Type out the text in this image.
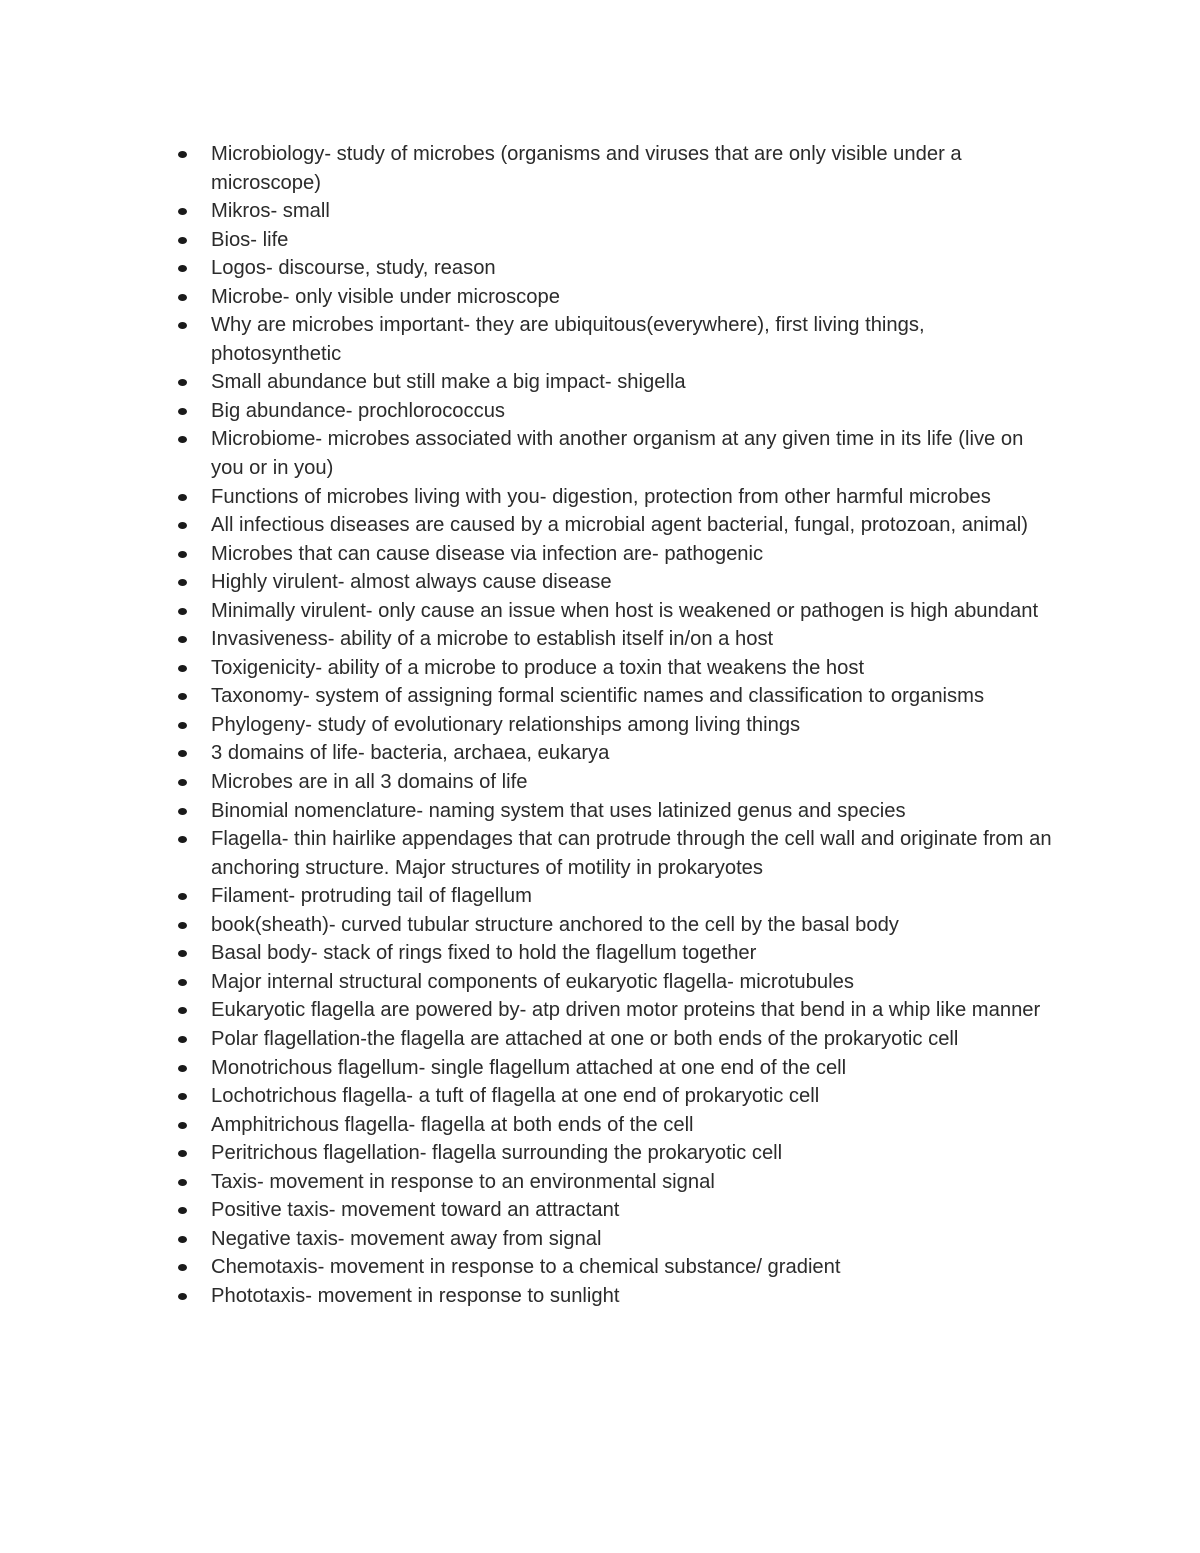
Microbiology- study of microbes (organisms and viruses that are only visible under a microscope)
Mikros- small
Bios- life
Logos- discourse, study, reason
Microbe- only visible under microscope
Why are microbes important- they are ubiquitous(everywhere), first living things, photosynthetic
Small abundance but still make a big impact- shigella
Big abundance- prochlorococcus
Microbiome- microbes associated with another organism at any given time in its life (live on you or in you)
Functions of microbes living with you- digestion, protection from other harmful microbes
All infectious diseases are caused by a microbial agent bacterial, fungal, protozoan, animal)
Microbes that can cause disease via infection are- pathogenic
Highly virulent- almost always cause disease
Minimally virulent- only cause an issue when host is weakened or pathogen is high abundant
Invasiveness- ability of a microbe to establish itself in/on a host
Toxigenicity- ability of a microbe to produce a toxin that weakens the host
Taxonomy- system of assigning formal scientific names and classification to organisms
Phylogeny- study of evolutionary relationships among living things
3 domains of life- bacteria, archaea, eukarya
Microbes are in all 3 domains of life
Binomial nomenclature- naming system that uses latinized genus and species
Flagella- thin hairlike appendages that can protrude through the cell wall and originate from an anchoring structure. Major structures of motility in prokaryotes
Filament- protruding tail of flagellum
book(sheath)- curved tubular structure anchored to the cell by the basal body
Basal body- stack of rings fixed to hold the flagellum together
Major internal structural components of eukaryotic flagella- microtubules
Eukaryotic flagella are powered by- atp driven motor proteins that bend in a whip like manner
Polar flagellation-the flagella are attached at one or both ends of the prokaryotic cell
Monotrichous flagellum- single flagellum attached at one end of the cell
Lochotrichous flagella- a tuft of flagella at one end of prokaryotic cell
Amphitrichous flagella- flagella at both ends of the cell
Peritrichous flagellation- flagella surrounding the prokaryotic cell
Taxis- movement in response to an environmental signal
Positive taxis- movement toward an attractant
Negative taxis- movement away from signal
Chemotaxis- movement in response to a chemical substance/ gradient
Phototaxis- movement in response to sunlight
